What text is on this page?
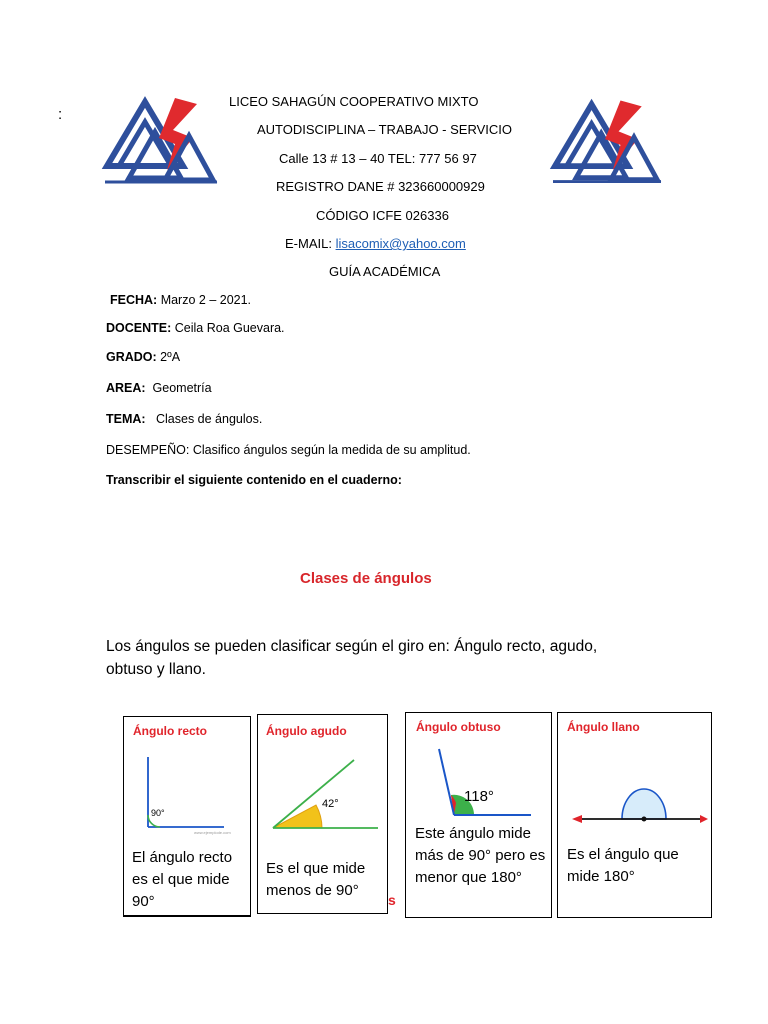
:
LICEO SAHAGÚN COOPERATIVO MIXTO
AUTODISCIPLINA – TRABAJO - SERVICIO
Calle 13 # 13 – 40 TEL: 777 56 97
REGISTRO DANE # 323660000929
CÓDIGO ICFE 026336
E-MAIL: lisacomix@yahoo.com
GUÍA ACADÉMICA
FECHA: Marzo 2 – 2021.
DOCENTE: Ceila Roa Guevara.
GRADO: 2ºA
AREA:  Geometría
TEMA:   Clases de ángulos.
DESEMPEÑO: Clasifico ángulos según la medida de su amplitud.
Transcribir el siguiente contenido en el cuaderno:
Clases de ángulos
Los ángulos se pueden clasificar según el giro en: Ángulo recto, agudo, obtuso y llano.
Ángulo recto
90°
www.ejemplode.com
El ángulo recto es el que mide 90°
Ángulo agudo
42°
Es el que mide menos de 90°
s
Ángulo obtuso
118°
Este ángulo mide más de 90° pero es menor que 180°
Ángulo llano
Es el ángulo que mide 180°
